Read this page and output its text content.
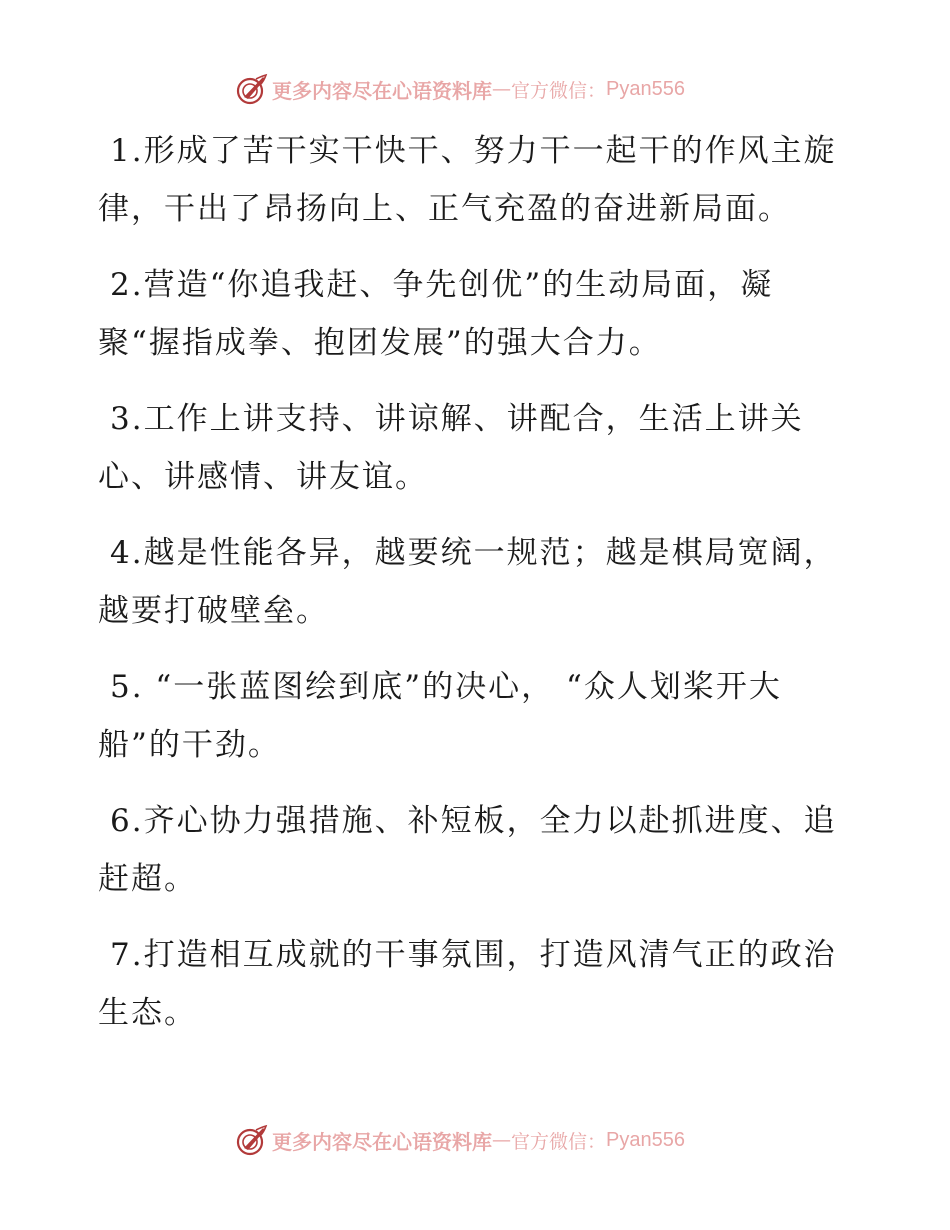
更多内容尽在心语资料库 — 官方微信： Pyan556

1.形成了苦干实干快干、努力干一起干的作风主旋律，干出了昂扬向上、正气充盈的奋进新局面。

2.营造“你追我赶、争先创优”的生动局面，凝聚“握指成拳、抱团发展”的强大合力。

3.工作上讲支持、讲谅解、讲配合，生活上讲关心、讲感情、讲友谊。

4.越是性能各异，越要统一规范；越是棋局宽阔，越要打破壁垒。

5. “一张蓝图绘到底”的决心， “众人划桨开大船”的干劲。

6.齐心协力强措施、补短板，全力以赴抓进度、追赶超。

7.打造相互成就的干事氛围，打造风清气正的政治生态。

更多内容尽在心语资料库 — 官方微信： Pyan556
